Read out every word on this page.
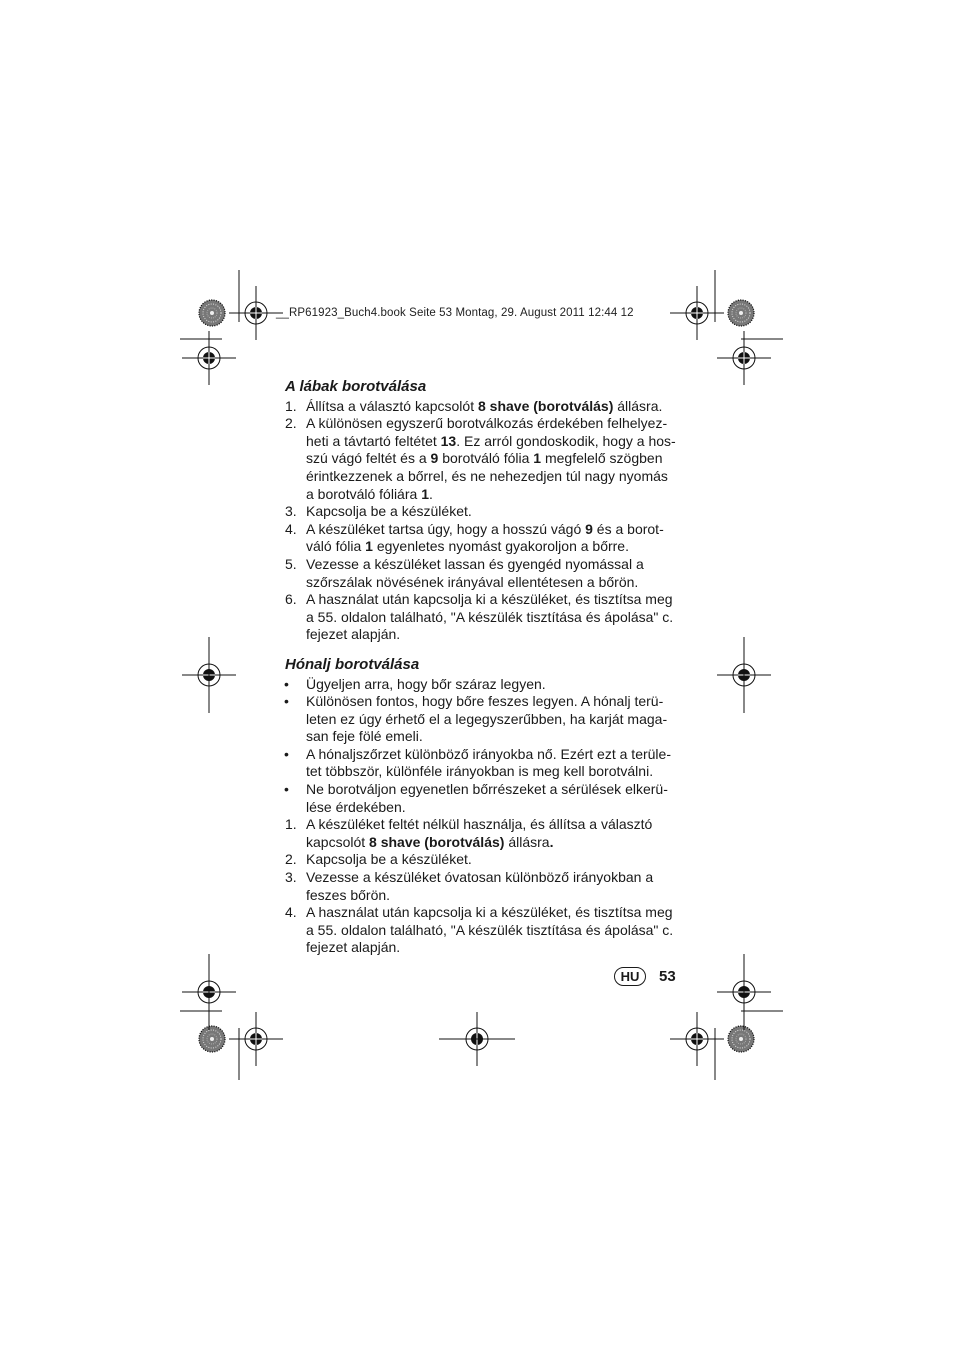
__RP61923_Buch4.book Seite 53 Montag, 29. August 2011 12:44 12
A lábak borotválása
1. Állítsa a választó kapcsolót 8 shave (borotválás) állásra.
2. A különösen egyszerű borotválkozás érdekében felhelyez-
heti a távtartó feltétet 13. Ez arról gondoskodik, hogy a hos-
szú vágó feltét és a 9 borotváló fólia 1 megfelelő szögben
érintkezzenek a bőrrel, és ne nehezedjen túl nagy nyomás
a borotváló fóliára 1.
3. Kapcsolja be a készüléket.
4. A készüléket tartsa úgy, hogy a hosszú vágó 9 és a borot-
váló fólia 1 egyenletes nyomást gyakoroljon a bőrre.
5. Vezesse a készüléket lassan és gyengéd nyomással a
szőrszálak növésének irányával ellentétesen a bőrön.
6. A használat után kapcsolja ki a készüléket, és tisztítsa meg
a 55. oldalon található, "A készülék tisztítása és ápolása" c.
fejezet alapján.
Hónalj borotválása
• Ügyeljen arra, hogy bőr száraz legyen.
• Különösen fontos, hogy bőre feszes legyen. A hónalj terü-
leten ez úgy érhető el a legegyszerűbben, ha karját maga-
san feje fölé emeli.
• A hónaljszőrzet különböző irányokba nő. Ezért ezt a terüle-
tet többször, különféle irányokban is meg kell borotválni.
• Ne borotváljon egyenetlen bőrrészeket a sérülések elkerü-
lése érdekében.
1. A készüléket feltét nélkül használja, és állítsa a választó
kapcsolót 8 shave (borotválás) állásra.
2. Kapcsolja be a készüléket.
3. Vezesse a készüléket óvatosan különböző irányokban a
feszes bőrön.
4. A használat után kapcsolja ki a készüléket, és tisztítsa meg
a 55. oldalon található, "A készülék tisztítása és ápolása" c.
fejezet alapján.
HU	53
